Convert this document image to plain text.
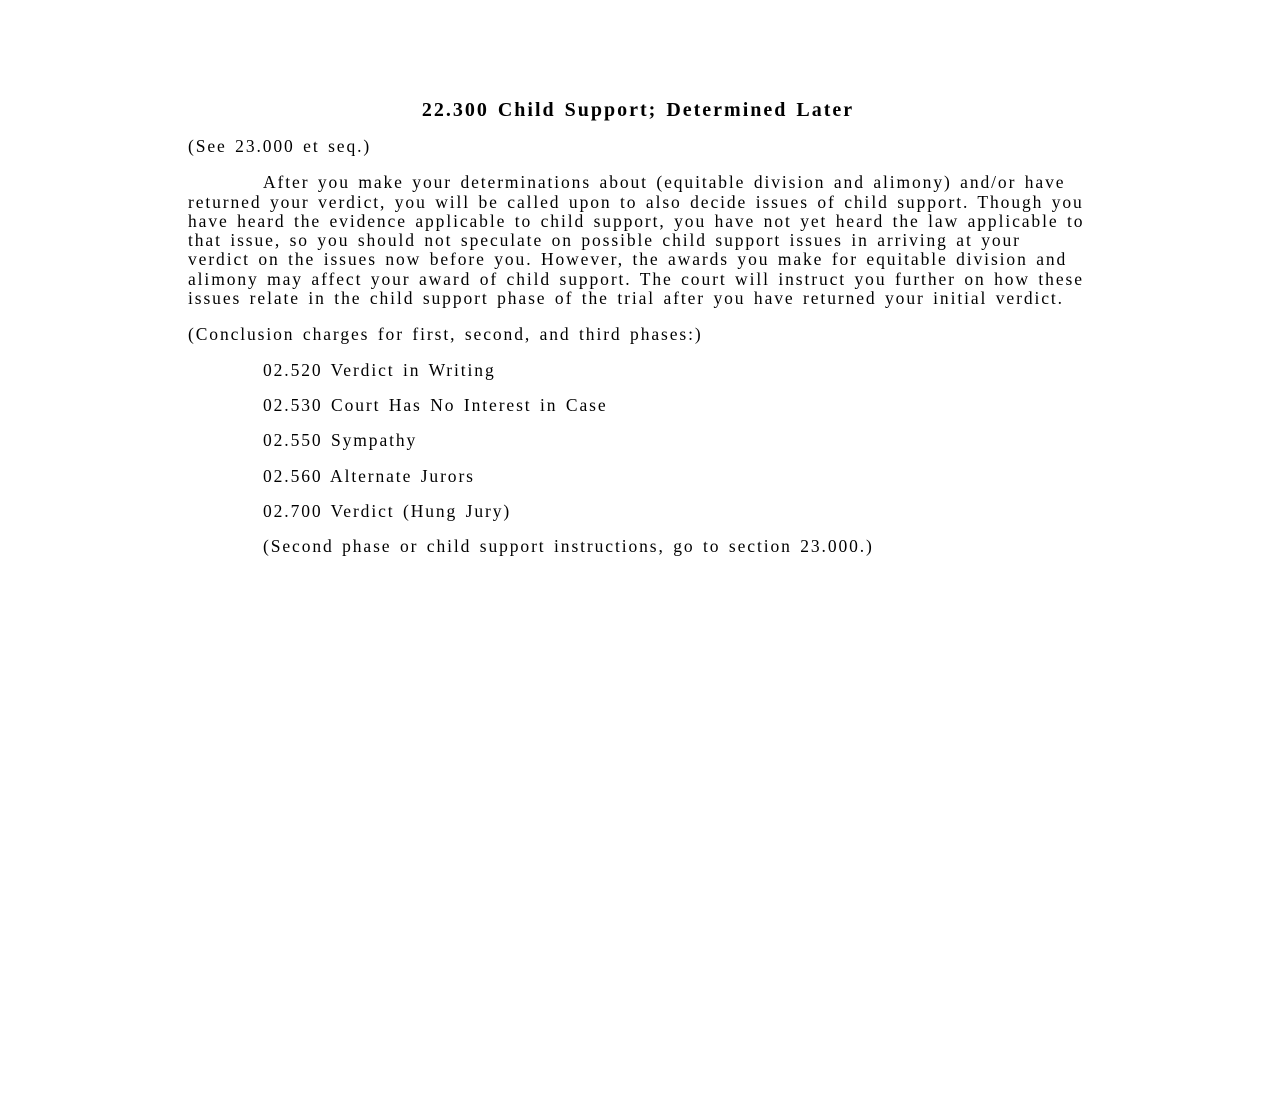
22.300 Child Support; Determined Later

(See 23.000 et seq.)

After you make your determinations about (equitable division and alimony) and/or have returned your verdict, you will be called upon to also decide issues of child support. Though you have heard the evidence applicable to child support, you have not yet heard the law applicable to that issue, so you should not speculate on possible child support issues in arriving at your verdict on the issues now before you. However, the awards you make for equitable division and alimony may affect your award of child support. The court will instruct you further on how these issues relate in the child support phase of the trial after you have returned your initial verdict.

(Conclusion charges for first, second, and third phases:)

02.520 Verdict in Writing

02.530 Court Has No Interest in Case

02.550 Sympathy

02.560 Alternate Jurors

02.700 Verdict (Hung Jury)

(Second phase or child support instructions, go to section 23.000.)
